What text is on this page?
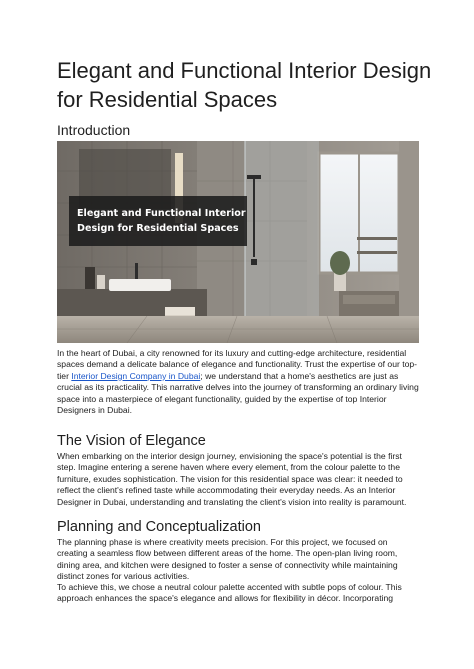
Elegant and Functional Interior Design for Residential Spaces
Introduction
Elegant and Functional Interior
Design for Residential Spaces

In the heart of Dubai, a city renowned for its luxury and cutting-edge architecture, residential spaces demand a delicate balance of elegance and functionality. Trust the expertise of our top-tier Interior Design Company in Dubai; we understand that a home's aesthetics are just as crucial as its practicality. This narrative delves into the journey of transforming an ordinary living space into a masterpiece of elegant functionality, guided by the expertise of top Interior Designers in Dubai.

The Vision of Elegance

When embarking on the interior design journey, envisioning the space's potential is the first step. Imagine entering a serene haven where every element, from the colour palette to the furniture, exudes sophistication. The vision for this residential space was clear: it needed to reflect the client's refined taste while accommodating their everyday needs. As an Interior Designer in Dubai, understanding and translating the client's vision into reality is paramount.

Planning and Conceptualization

The planning phase is where creativity meets precision. For this project, we focused on creating a seamless flow between different areas of the home. The open-plan living room, dining area, and kitchen were designed to foster a sense of connectivity while maintaining distinct zones for various activities.

To achieve this, we chose a neutral colour palette accented with subtle pops of colour. This approach enhances the space's elegance and allows for flexibility in décor. Incorporating
